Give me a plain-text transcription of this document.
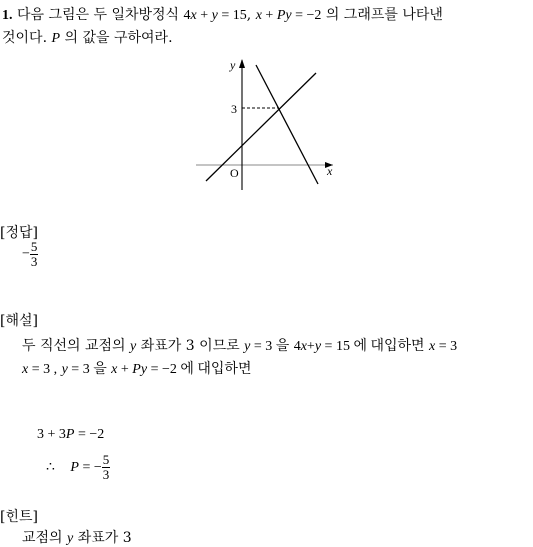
1. 다음 그림은 두 일차방정식 4x + y = 15, x + Py = −2 의 그래프를 나타낸
것이다. P 의 값을 구하여라.
y
x
O
3
[정답]
− $\frac{5}{3}$
[해설]
두 직선의 교점의 y 좌표가 3 이므로 y = 3 을 4x+y = 15 에 대입하면 x = 3
x = 3 , y = 3 을 x + Py = −2 에 대입하면
3 + 3P = −2
∴ P = − $\frac{5}{3}$
[힌트]
교점의 y 좌표가 3
